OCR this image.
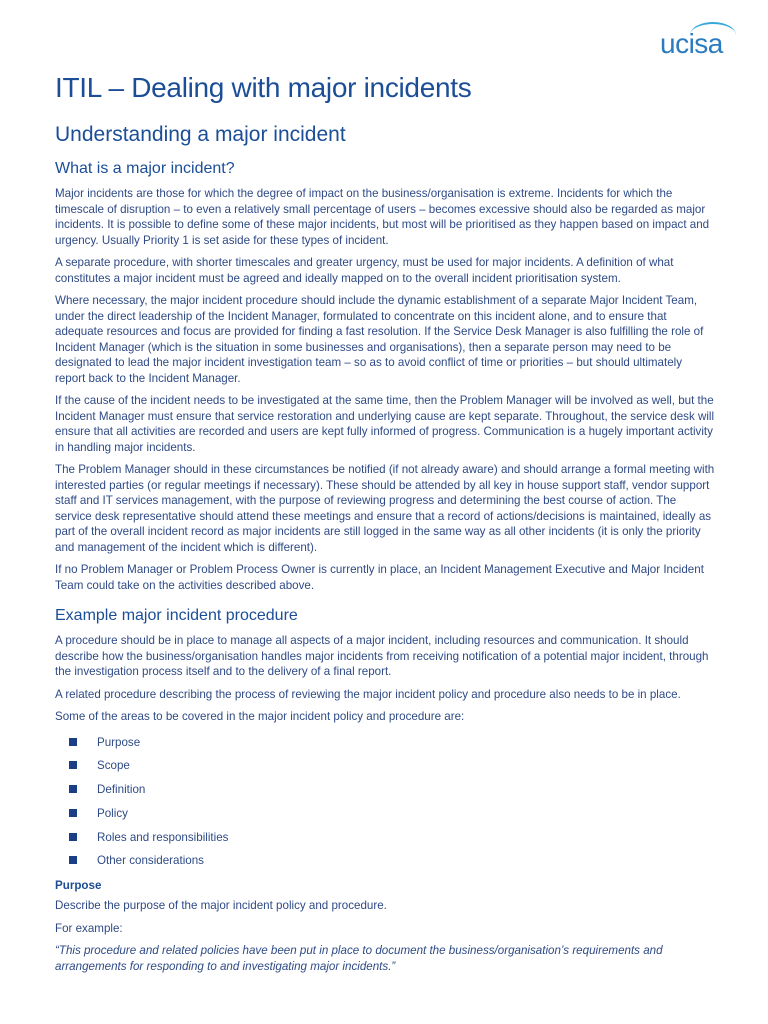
ucisa
ITIL – Dealing with major incidents
Understanding a major incident
What is a major incident?

Major incidents are those for which the degree of impact on the business/organisation is extreme. Incidents for which the timescale of disruption – to even a relatively small percentage of users – becomes excessive should also be regarded as major incidents. It is possible to define some of these major incidents, but most will be prioritised as they happen based on impact and urgency. Usually Priority 1 is set aside for these types of incident.

A separate procedure, with shorter timescales and greater urgency, must be used for major incidents. A definition of what constitutes a major incident must be agreed and ideally mapped on to the overall incident prioritisation system.

Where necessary, the major incident procedure should include the dynamic establishment of a separate Major Incident Team, under the direct leadership of the Incident Manager, formulated to concentrate on this incident alone, and to ensure that adequate resources and focus are provided for finding a fast resolution. If the Service Desk Manager is also fulfilling the role of Incident Manager (which is the situation in some businesses and organisations), then a separate person may need to be designated to lead the major incident investigation team – so as to avoid conflict of time or priorities – but should ultimately report back to the Incident Manager.

If the cause of the incident needs to be investigated at the same time, then the Problem Manager will be involved as well, but the Incident Manager must ensure that service restoration and underlying cause are kept separate. Throughout, the service desk will ensure that all activities are recorded and users are kept fully informed of progress. Communication is a hugely important activity in handling major incidents.

The Problem Manager should in these circumstances be notified (if not already aware) and should arrange a formal meeting with interested parties (or regular meetings if necessary). These should be attended by all key in house support staff, vendor support staff and IT services management, with the purpose of reviewing progress and determining the best course of action. The service desk representative should attend these meetings and ensure that a record of actions/decisions is maintained, ideally as part of the overall incident record as major incidents are still logged in the same way as all other incidents (it is only the priority and management of the incident which is different).

If no Problem Manager or Problem Process Owner is currently in place, an Incident Management Executive and Major Incident Team could take on the activities described above.

Example major incident procedure

A procedure should be in place to manage all aspects of a major incident, including resources and communication. It should describe how the business/organisation handles major incidents from receiving notification of a potential major incident, through the investigation process itself and to the delivery of a final report.

A related procedure describing the process of reviewing the major incident policy and procedure also needs to be in place.

Some of the areas to be covered in the major incident policy and procedure are:

Purpose
Scope
Definition
Policy
Roles and responsibilities
Other considerations
Purpose

Describe the purpose of the major incident policy and procedure.

For example:

“This procedure and related policies have been put in place to document the business/organisation’s requirements and arrangements for responding to and investigating major incidents.”
